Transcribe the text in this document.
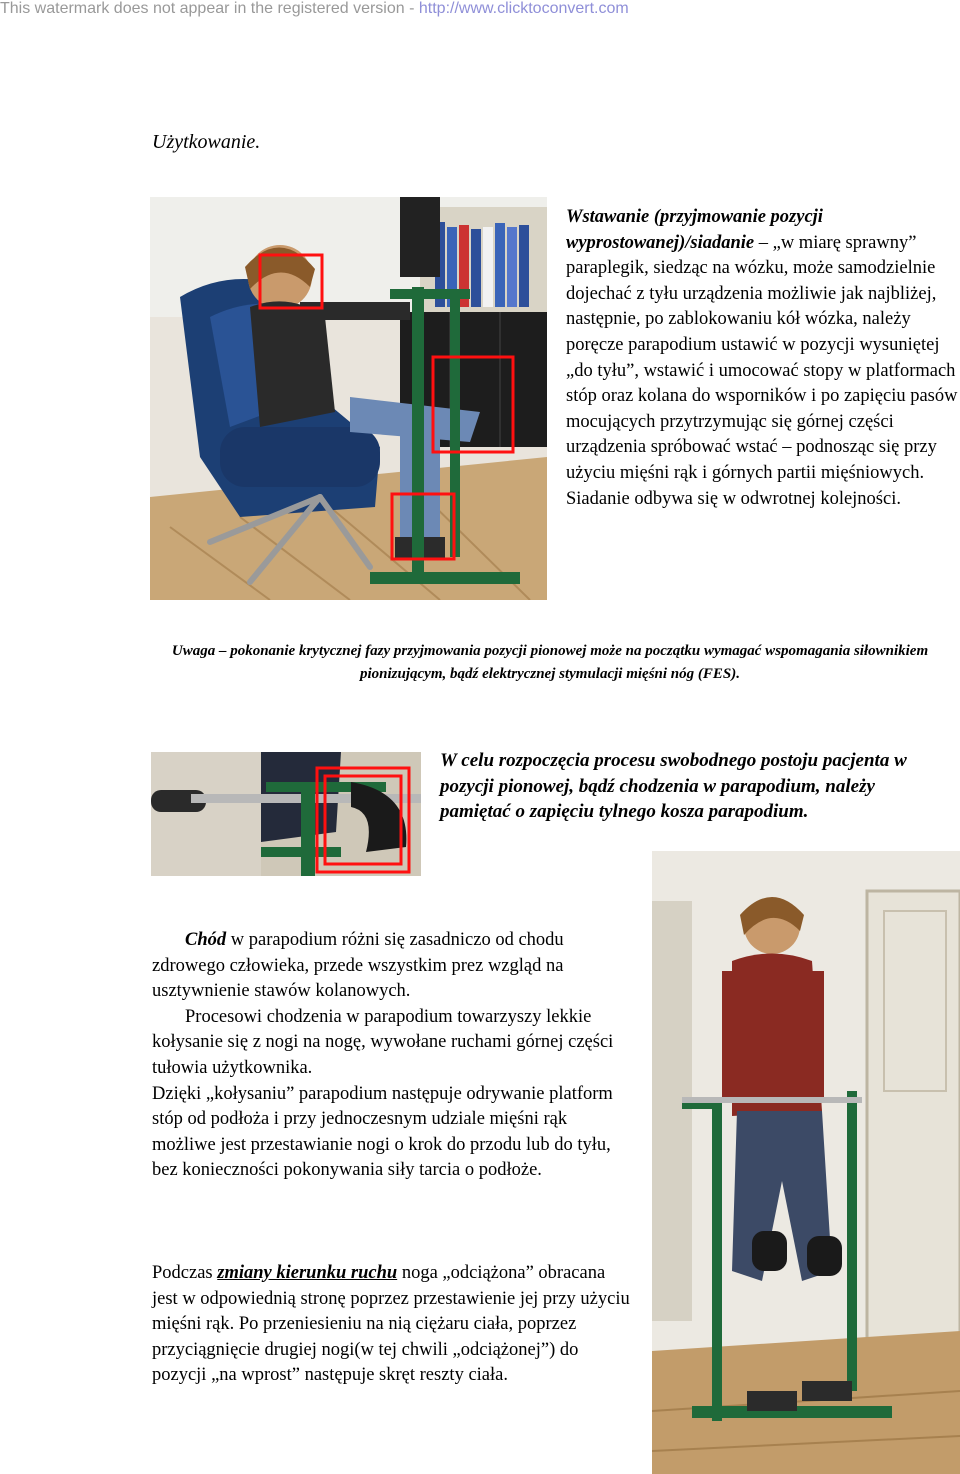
This watermark does not appear in the registered version - http://www.clicktoconvert.com
Użytkowanie.

Wstawanie (przyjmowanie pozycji wyprostowanej)/siadanie – „w miarę sprawny” paraplegik, siedząc na wózku, może samodzielnie dojechać z tyłu urządzenia możliwie jak najbliżej, następnie, po zablokowaniu kół wózka, należy poręcze parapodium ustawić w pozycji wysuniętej „do tyłu”, wstawić i umocować stopy w platformach stóp oraz kolana do wsporników i po zapięciu pasów mocujących przytrzymując się górnej części urządzenia spróbować wstać – podnosząc się przy użyciu mięśni rąk i górnych partii mięśniowych. Siadanie odbywa się w odwrotnej kolejności.

Uwaga – pokonanie krytycznej fazy przyjmowania pozycji pionowej może na początku wymagać wspomagania siłownikiem pionizującym, bądź elektrycznej stymulacji mięśni nóg (FES).
W celu rozpoczęcia procesu swobodnego postoju pacjenta w pozycji pionowej, bądź chodzenia w parapodium, należy pamiętać o zapięciu tylnego kosza parapodium.

Chód w parapodium różni się zasadniczo od chodu zdrowego człowieka, przede wszystkim prez wzgląd na usztywnienie stawów kolanowych.
Procesowi chodzenia w parapodium towarzyszy lekkie kołysanie się z nogi na nogę, wywołane ruchami górnej części tułowia użytkownika.
Dzięki „kołysaniu” parapodium następuje odrywanie platform stóp od podłoża i przy jednoczesnym udziale mięśni rąk możliwe jest przestawianie nogi o krok do przodu lub do tyłu, bez konieczności pokonywania siły tarcia o podłoże.

Podczas zmiany kierunku ruchu noga „odciążona” obracana jest w odpowiednią stronę poprzez przestawienie jej przy użyciu mięśni rąk. Po przeniesieniu na nią ciężaru ciała, poprzez przyciągnięcie drugiej nogi(w tej chwili „odciążonej”) do pozycji „na wprost” następuje skręt reszty ciała.
